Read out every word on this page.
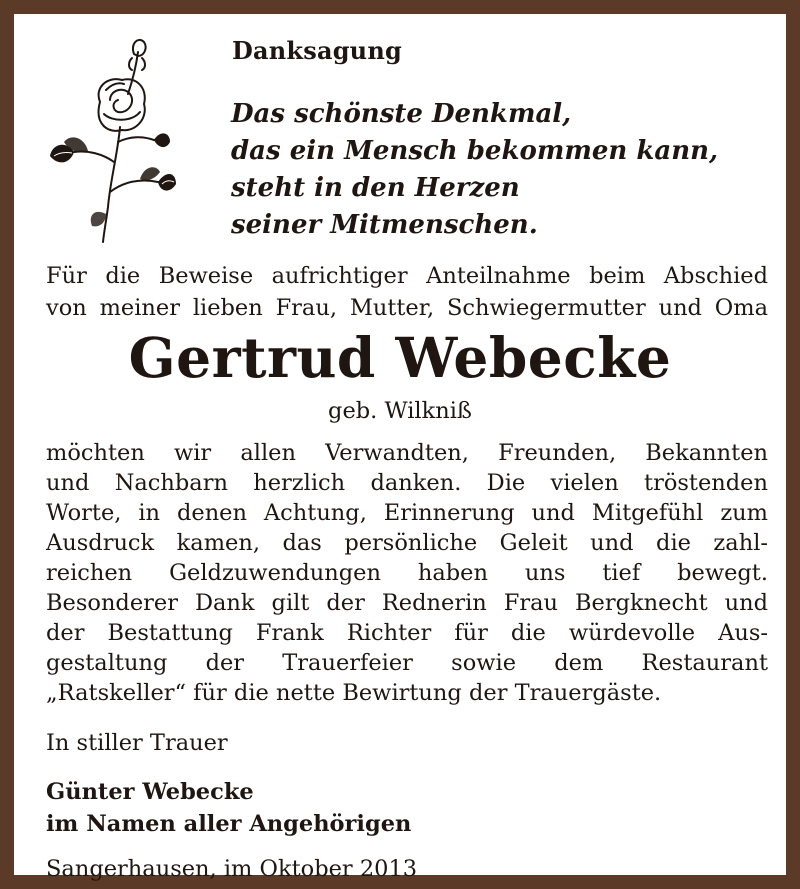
Danksagung
Das schönste Denkmal,
das ein Mensch bekommen kann,
steht in den Herzen
seiner Mitmenschen.
Für die Beweise aufrichtiger Anteilnahme beim Abschied
von meiner lieben Frau, Mutter, Schwiegermutter und Oma
Gertrud Webecke
geb. Wilkniß
möchten wir allen Verwandten, Freunden, Bekannten
und Nachbarn herzlich danken. Die vielen tröstenden
Worte, in denen Achtung, Erinnerung und Mitgefühl zum
Ausdruck kamen, das persönliche Geleit und die zahl-
reichen Geldzuwendungen haben uns tief bewegt.
Besonderer Dank gilt der Rednerin Frau Bergknecht und
der Bestattung Frank Richter für die würdevolle Aus-
gestaltung der Trauerfeier sowie dem Restaurant
„Ratskeller“ für die nette Bewirtung der Trauergäste.
In stiller Trauer
Günter Webecke
im Namen aller Angehörigen
Sangerhausen, im Oktober 2013
